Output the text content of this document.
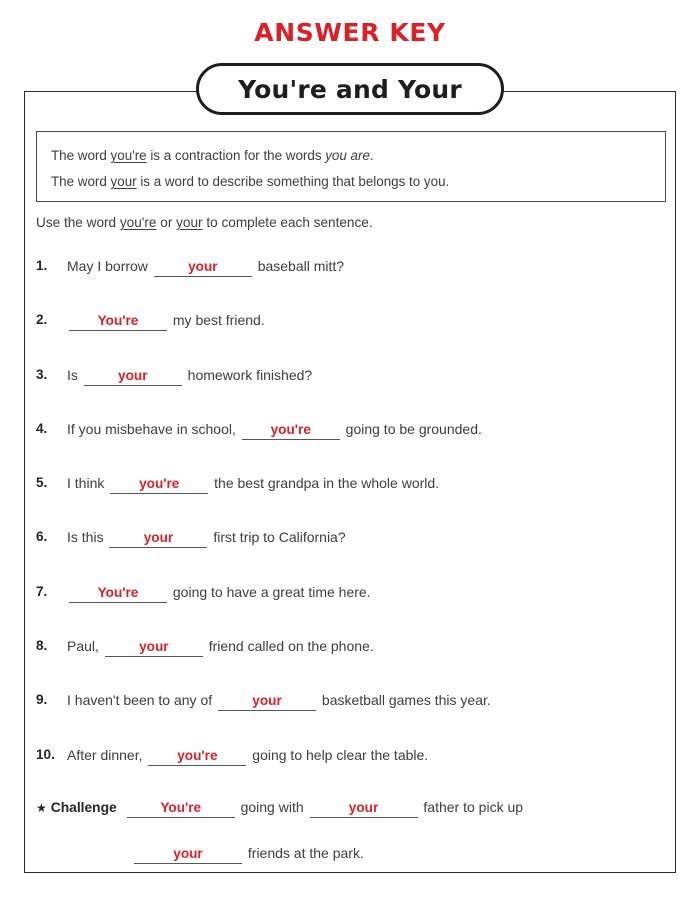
ANSWER KEY
You're and Your
The word you're is a contraction for the words you are.
The word your is a word to describe something that belongs to you.
Use the word you're or your to complete each sentence.
1.	May I borrow	your	baseball mitt?
2.	You're	my best friend.
3.	Is	your	homework finished?
4.	If you misbehave in school,	you're	going to be grounded.
5.	I think	you're	the best grandpa in the whole world.
6.	Is this	your	first trip to California?
7.	You're	going to have a great time here.
8.	Paul,	your	friend called on the phone.
9.	I haven't been to any of	your	basketball games this year.
10. After dinner,	you're	going to help clear the table.
★ Challenge	You're	going with	your	father to pick up
your	friends at the park.
